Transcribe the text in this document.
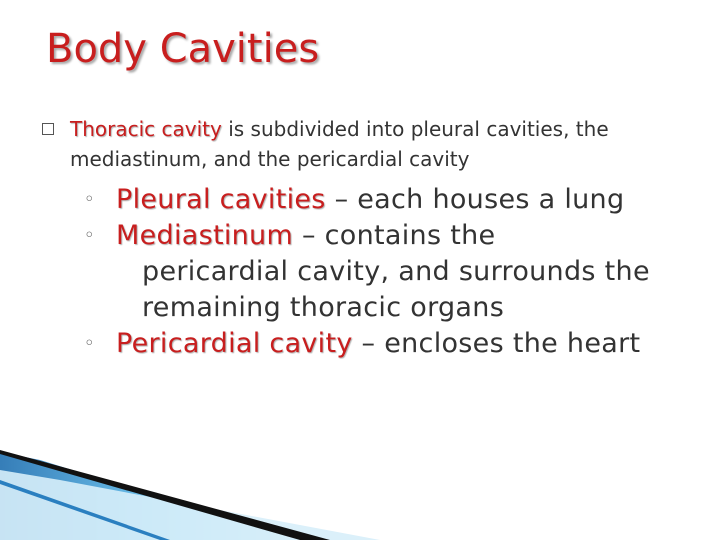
Body Cavities

Thoracic cavity is subdivided into pleural cavities, the mediastinum, and the pericardial cavity

◦ Pleural cavities – each houses a lung
◦ Mediastinum – contains the
pericardial cavity, and surrounds the remaining thoracic organs
◦ Pericardial cavity – encloses the heart
